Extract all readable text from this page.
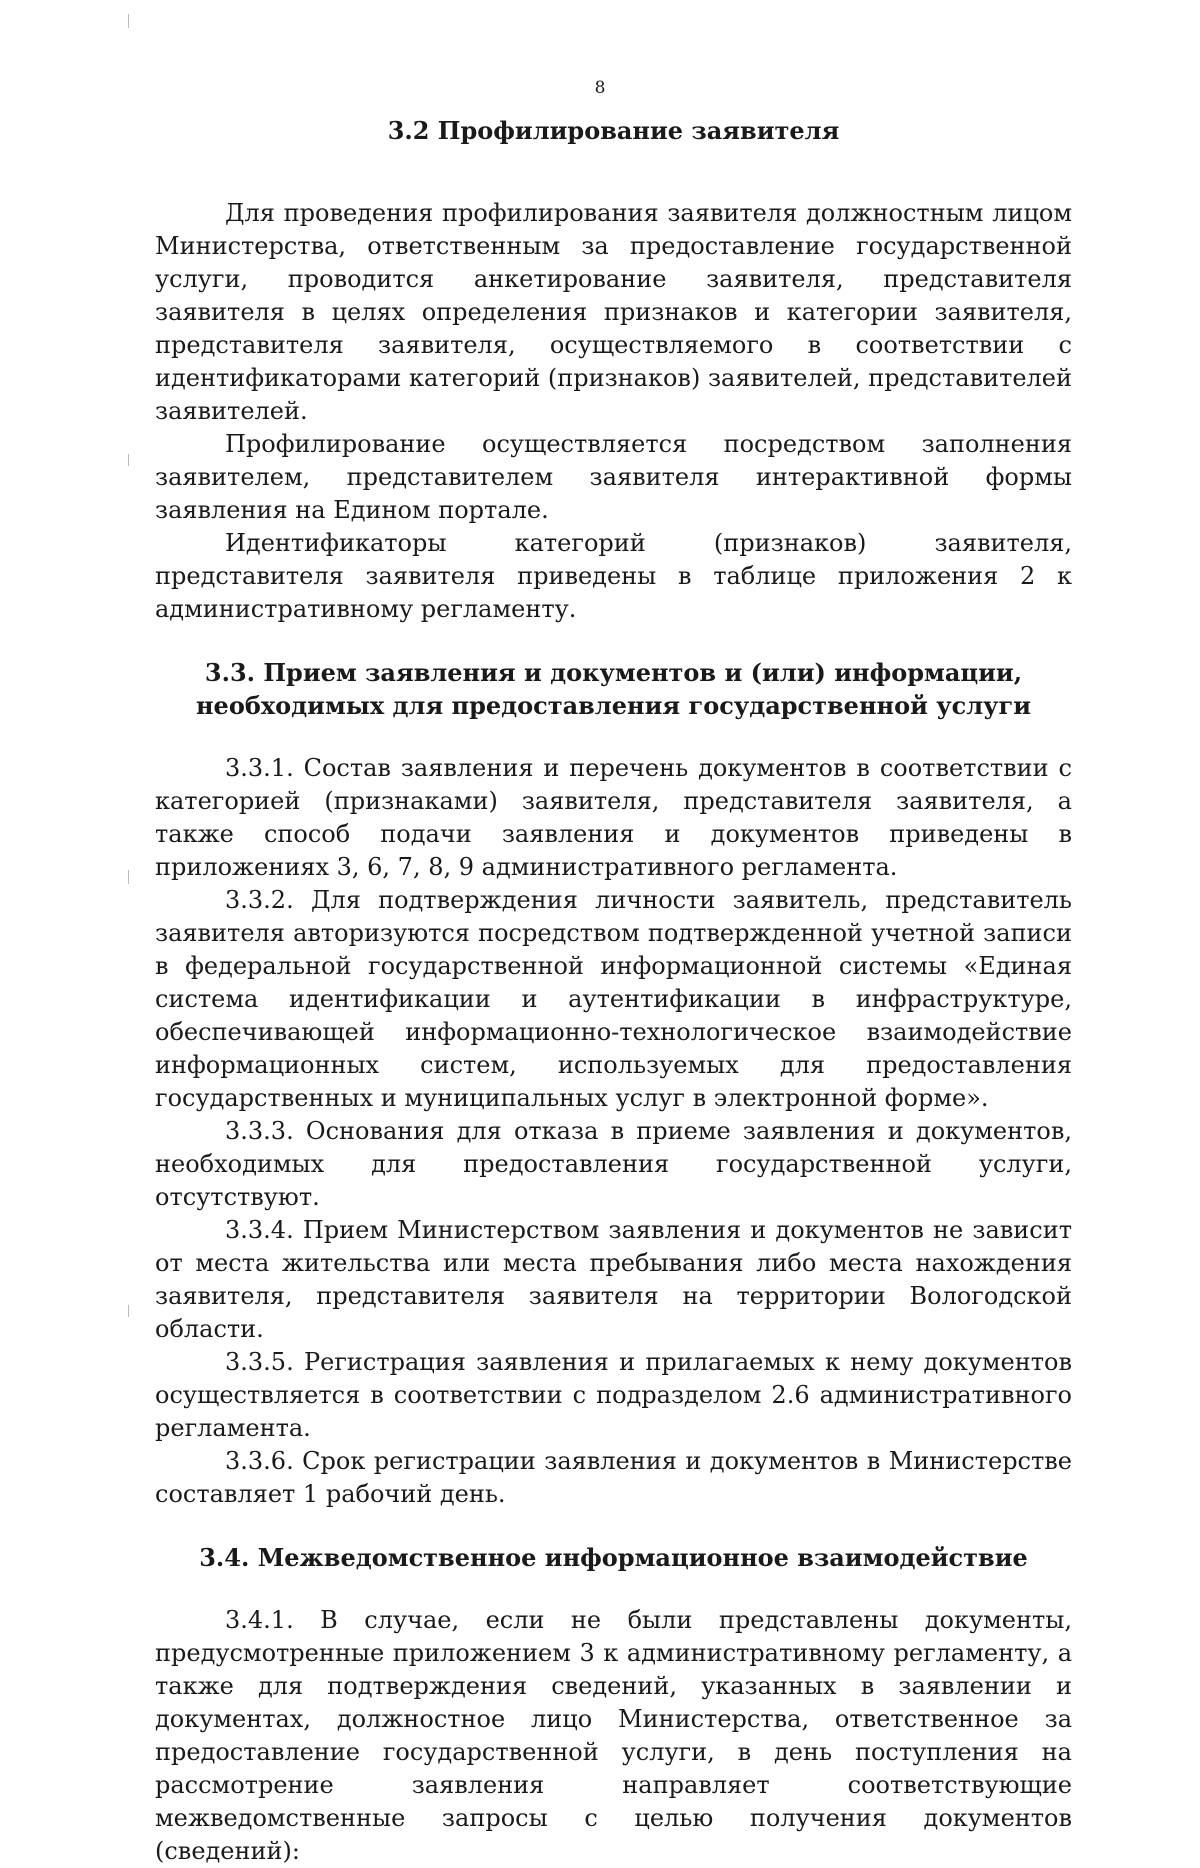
8
3.2 Профилирование заявителя

Для проведения профилирования заявителя должностным лицом Министерства, ответственным за предоставление государственной услуги, проводится анкетирование заявителя, представителя заявителя в целях определения признаков и категории заявителя, представителя заявителя, осуществляемого в соответствии с идентификаторами категорий (признаков) заявителей, представителей заявителей.

Профилирование осуществляется посредством заполнения заявителем, представителем заявителя интерактивной формы заявления на Едином портале.

Идентификаторы категорий (признаков) заявителя, представителя заявителя приведены в таблице приложения 2 к административному регламенту.

3.3. Прием заявления и документов и (или) информации,
необходимых для предоставления государственной услуги

3.3.1. Состав заявления и перечень документов в соответствии с категорией (признаками) заявителя, представителя заявителя, а также способ подачи заявления и документов приведены в приложениях 3, 6, 7, 8, 9 административного регламента.

3.3.2. Для подтверждения личности заявитель, представитель заявителя авторизуются посредством подтвержденной учетной записи в федеральной государственной информационной системы «Единая система идентификации и аутентификации в инфраструктуре, обеспечивающей информационно-технологическое взаимодействие информационных систем, используемых для предоставления государственных и муниципальных услуг в электронной форме».

3.3.3. Основания для отказа в приеме заявления и документов, необходимых для предоставления государственной услуги, отсутствуют.

3.3.4. Прием Министерством заявления и документов не зависит от места жительства или места пребывания либо места нахождения заявителя, представителя заявителя на территории Вологодской области.

3.3.5. Регистрация заявления и прилагаемых к нему документов осуществляется в соответствии с подразделом 2.6 административного регламента.

3.3.6. Срок регистрации заявления и документов в Министерстве составляет 1 рабочий день.

3.4. Межведомственное информационное взаимодействие

3.4.1. В случае, если не были представлены документы, предусмотренные приложением 3 к административному регламенту, а также для подтверждения сведений, указанных в заявлении и документах, должностное лицо Министерства, ответственное за предоставление государственной услуги, в день поступления на рассмотрение заявления направляет соответствующие межведомственные запросы с целью получения документов (сведений):
